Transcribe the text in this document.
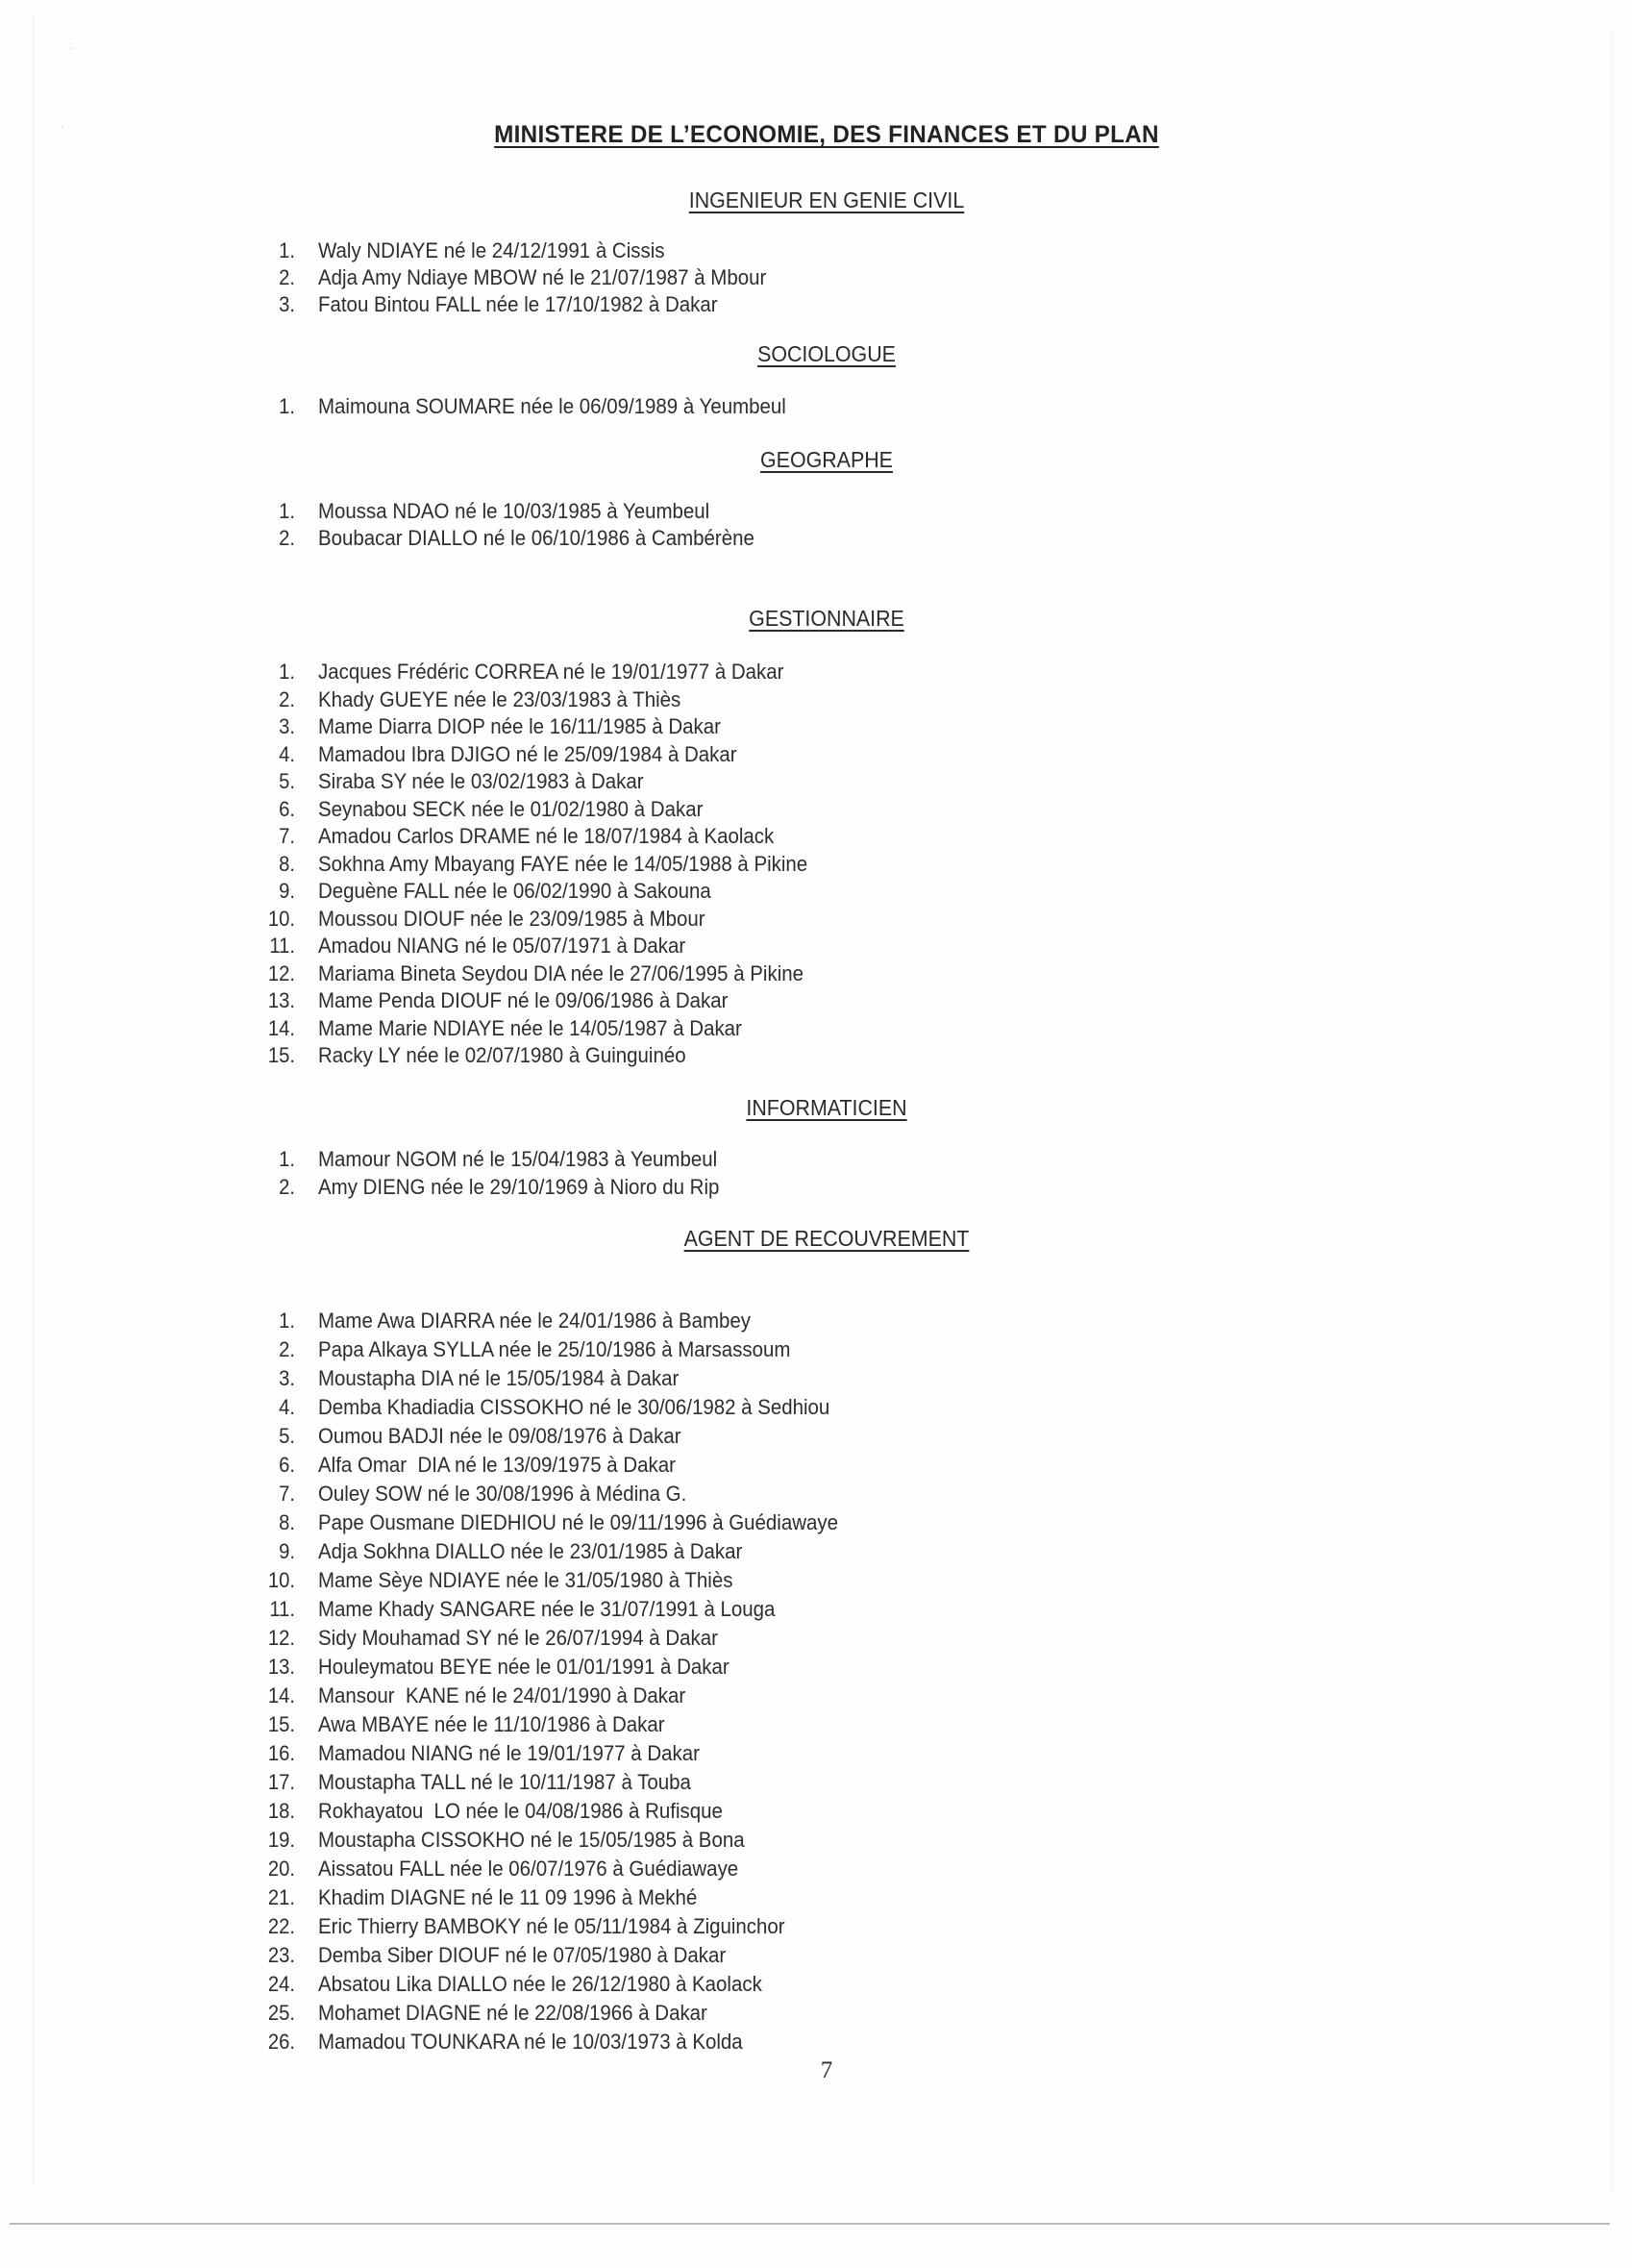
:
'	MINISTERE DE L’ECONOMIE, DES FINANCES ET DU PLAN
INGENIEUR EN GENIE CIVIL
1. Waly NDIAYE né le 24/12/1991 à Cissis
2. Adja Amy Ndiaye MBOW né le 21/07/1987 à Mbour
3. Fatou Bintou FALL née le 17/10/1982 à Dakar
SOCIOLOGUE
1. Maimouna SOUMARE née le 06/09/1989 à Yeumbeul
GEOGRAPHE
1. Moussa NDAO né le 10/03/1985 à Yeumbeul
2. Boubacar DIALLO né le 06/10/1986 à Cambérène
GESTIONNAIRE
1. Jacques Frédéric CORREA né le 19/01/1977 à Dakar
2. Khady GUEYE née le 23/03/1983 à Thiès
3. Mame Diarra DIOP née le 16/11/1985 à Dakar
4. Mamadou Ibra DJIGO né le 25/09/1984 à Dakar
5. Siraba SY née le 03/02/1983 à Dakar
6. Seynabou SECK née le 01/02/1980 à Dakar
7. Amadou Carlos DRAME né le 18/07/1984 à Kaolack
8. Sokhna Amy Mbayang FAYE née le 14/05/1988 à Pikine
9. Deguène FALL née le 06/02/1990 à Sakouna
10. Moussou DIOUF née le 23/09/1985 à Mbour
11. Amadou NIANG né le 05/07/1971 à Dakar
12. Mariama Bineta Seydou DIA née le 27/06/1995 à Pikine
13. Mame Penda DIOUF né le 09/06/1986 à Dakar
14. Mame Marie NDIAYE née le 14/05/1987 à Dakar
15. Racky LY née le 02/07/1980 à Guinguinéo
INFORMATICIEN
1. Mamour NGOM né le 15/04/1983 à Yeumbeul
2. Amy DIENG née le 29/10/1969 à Nioro du Rip
AGENT DE RECOUVREMENT
1. Mame Awa DIARRA née le 24/01/1986 à Bambey
2. Papa Alkaya SYLLA née le 25/10/1986 à Marsassoum
3. Moustapha DIA né le 15/05/1984 à Dakar
4. Demba Khadiadia CISSOKHO né le 30/06/1982 à Sedhiou
5. Oumou BADJI née le 09/08/1976 à Dakar
6. Alfa Omar  DIA né le 13/09/1975 à Dakar
7. Ouley SOW né le 30/08/1996 à Médina G.
8. Pape Ousmane DIEDHIOU né le 09/11/1996 à Guédiawaye
9. Adja Sokhna DIALLO née le 23/01/1985 à Dakar
10. Mame Sèye NDIAYE née le 31/05/1980 à Thiès
11. Mame Khady SANGARE née le 31/07/1991 à Louga
12. Sidy Mouhamad SY né le 26/07/1994 à Dakar
13. Houleymatou BEYE née le 01/01/1991 à Dakar
14. Mansour  KANE né le 24/01/1990 à Dakar
15. Awa MBAYE née le 11/10/1986 à Dakar
16. Mamadou NIANG né le 19/01/1977 à Dakar
17. Moustapha TALL né le 10/11/1987 à Touba
18. Rokhayatou  LO née le 04/08/1986 à Rufisque
19. Moustapha CISSOKHO né le 15/05/1985 à Bona
20. Aissatou FALL née le 06/07/1976 à Guédiawaye
21. Khadim DIAGNE né le 11 09 1996 à Mekhé
22. Eric Thierry BAMBOKY né le 05/11/1984 à Ziguinchor
23. Demba Siber DIOUF né le 07/05/1980 à Dakar
24. Absatou Lika DIALLO née le 26/12/1980 à Kaolack
25. Mohamet DIAGNE né le 22/08/1966 à Dakar
26. Mamadou TOUNKARA né le 10/03/1973 à Kolda
7
